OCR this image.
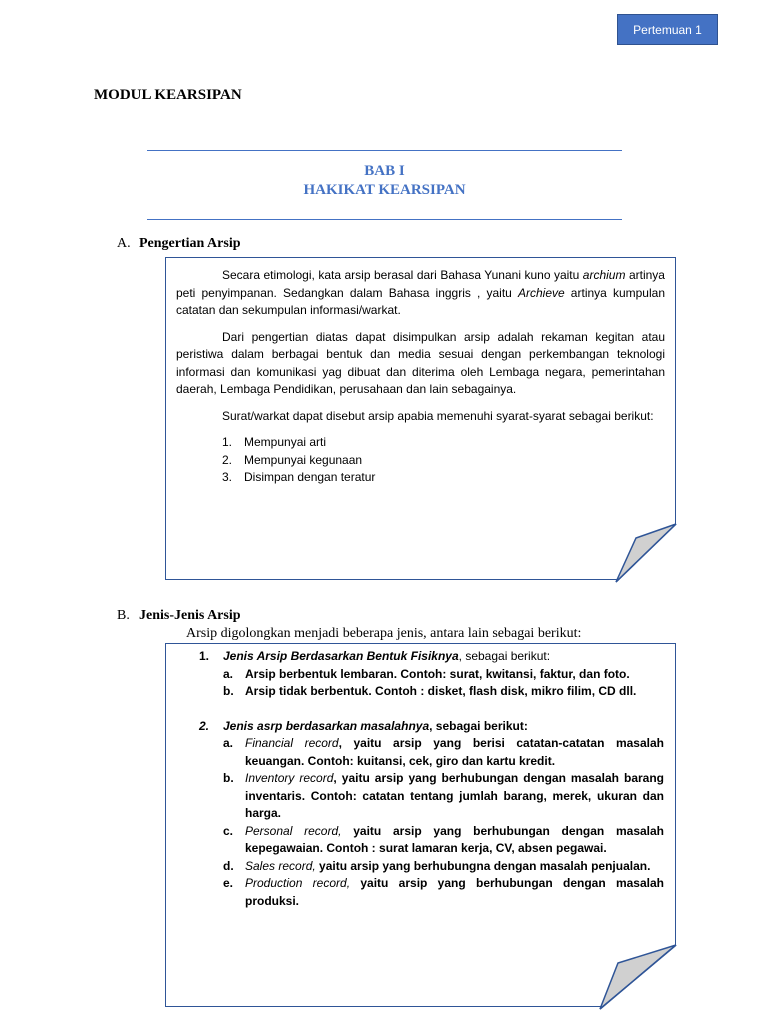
Pertemuan 1
MODUL KEARSIPAN
BAB I
HAKIKAT KEARSIPAN
A. Pengertian Arsip

Secara etimologi, kata arsip berasal dari Bahasa Yunani kuno yaitu archium artinya peti penyimpanan. Sedangkan dalam Bahasa inggris , yaitu Archieve artinya kumpulan catatan dan sekumpulan informasi/warkat.

Dari pengertian diatas dapat disimpulkan arsip adalah rekaman kegitan atau peristiwa dalam berbagai bentuk dan media sesuai dengan perkembangan teknologi informasi dan komunikasi yag dibuat dan diterima oleh Lembaga negara, pemerintahan daerah, Lembaga Pendidikan, perusahaan dan lain sebagainya.

Surat/warkat dapat disebut arsip apabia memenuhi syarat-syarat sebagai berikut:

1. Mempunyai arti
2. Mempunyai kegunaan
3. Disimpan dengan teratur
B. Jenis-Jenis Arsip
Arsip digolongkan menjadi beberapa jenis, antara lain sebagai berikut:
1. Jenis Arsip Berdasarkan Bentuk Fisiknya, sebagai berikut:
a. Arsip berbentuk lembaran. Contoh: surat, kwitansi, faktur, dan foto.
b. Arsip tidak berbentuk. Contoh : disket, flash disk, mikro filim, CD dll.
2. Jenis asrp berdasarkan masalahnya, sebagai berikut:
a. Financial record, yaitu arsip yang berisi catatan-catatan masalah keuangan. Contoh: kuitansi, cek, giro dan kartu kredit.
b. Inventory record, yaitu arsip yang berhubungan dengan masalah barang inventaris. Contoh: catatan tentang jumlah barang, merek, ukuran dan harga.
c. Personal record, yaitu arsip yang berhubungan dengan masalah kepegawaian. Contoh : surat lamaran kerja, CV, absen pegawai.
d. Sales record, yaitu arsip yang berhubungna dengan masalah penjualan.
e. Production record, yaitu arsip yang berhubungan dengan masalah produksi.
